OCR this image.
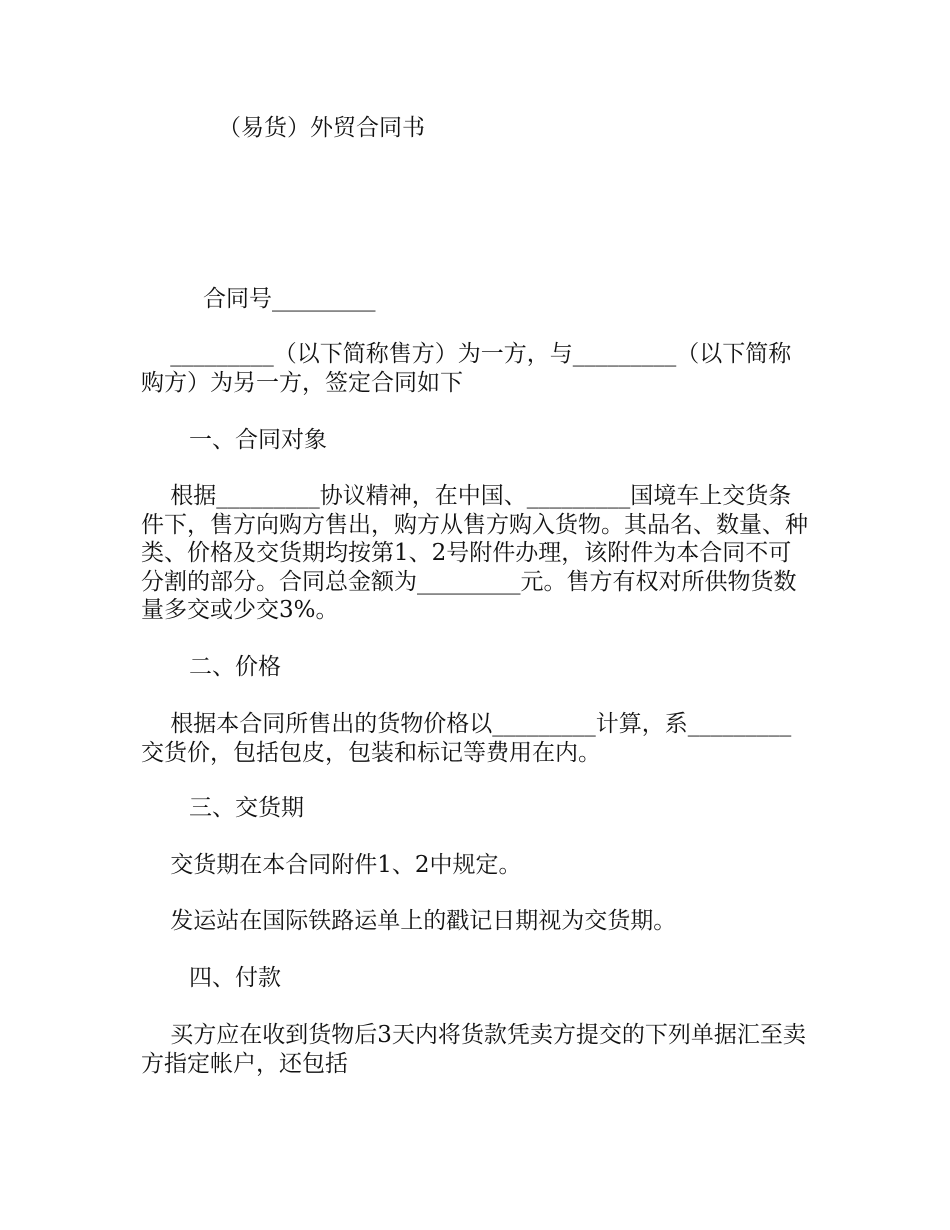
（易货）外贸合同书
合同号_________
_________（以下简称售方）为一方，与_________（以下简称购方）为另一方，签定合同如下
一、合同对象
根据_________协议精神，在中国、_________国境车上交货条件下，售方向购方售出，购方从售方购入货物。其品名、数量、种类、价格及交货期均按第1、2号附件办理，该附件为本合同不可分割的部分。合同总金额为_________元。售方有权对所供物货数量多交或少交3%。
二、价格
根据本合同所售出的货物价格以_________计算，系_________交货价，包括包皮，包装和标记等费用在内。
三、交货期
交货期在本合同附件1、2中规定。
发运站在国际铁路运单上的戳记日期视为交货期。
四、付款
买方应在收到货物后3天内将货款凭卖方提交的下列单据汇至卖方指定帐户，还包括
